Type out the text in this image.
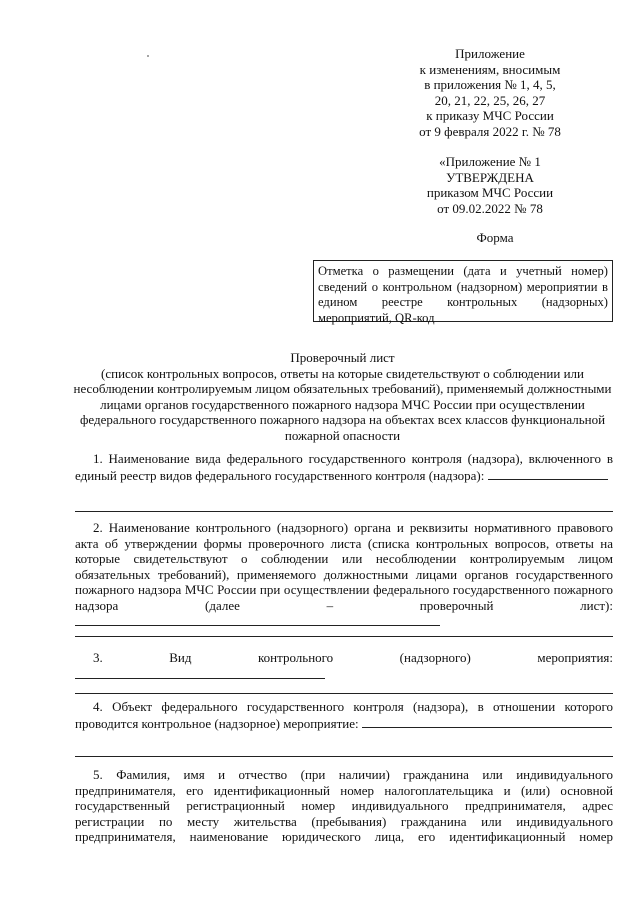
Приложение
к изменениям, вносимым
в приложения № 1, 4, 5,
20, 21, 22, 25, 26, 27
к приказу МЧС России
от 9 февраля 2022 г. № 78
«Приложение № 1
УТВЕРЖДЕНА
приказом МЧС России
от 09.02.2022 № 78
Форма
Отметка о размещении (дата и учетный номер) сведений о контрольном (надзорном) мероприятии в едином реестре контрольных (надзорных) мероприятий, QR-код
Проверочный лист
(список контрольных вопросов, ответы на которые свидетельствуют о соблюдении или
несоблюдении контролируемым лицом обязательных требований), применяемый должностными
лицами органов государственного пожарного надзора МЧС России при осуществлении
федерального государственного пожарного надзора на объектах всех классов функциональной
пожарной опасности
1. Наименование вида федерального государственного контроля (надзора), включенного в единый реестр видов федерального государственного контроля (надзора):
2. Наименование контрольного (надзорного) органа и реквизиты нормативного правового акта об утверждении формы проверочного листа (списка контрольных вопросов, ответы на которые свидетельствуют о соблюдении или несоблюдении контролируемым лицом обязательных требований), применяемого должностными лицами органов государственного пожарного надзора МЧС России при осуществлении федерального государственного пожарного надзора (далее – проверочный лист):
3. Вид контрольного (надзорного) мероприятия:
4. Объект федерального государственного контроля (надзора), в отношении которого проводится контрольное (надзорное) мероприятие:
5. Фамилия, имя и отчество (при наличии) гражданина или индивидуального предпринимателя, его идентификационный номер налогоплательщика и (или) основной государственный регистрационный номер индивидуального предпринимателя, адрес регистрации по месту жительства (пребывания) гражданина или индивидуального предпринимателя, наименование юридического лица, его идентификационный номер
